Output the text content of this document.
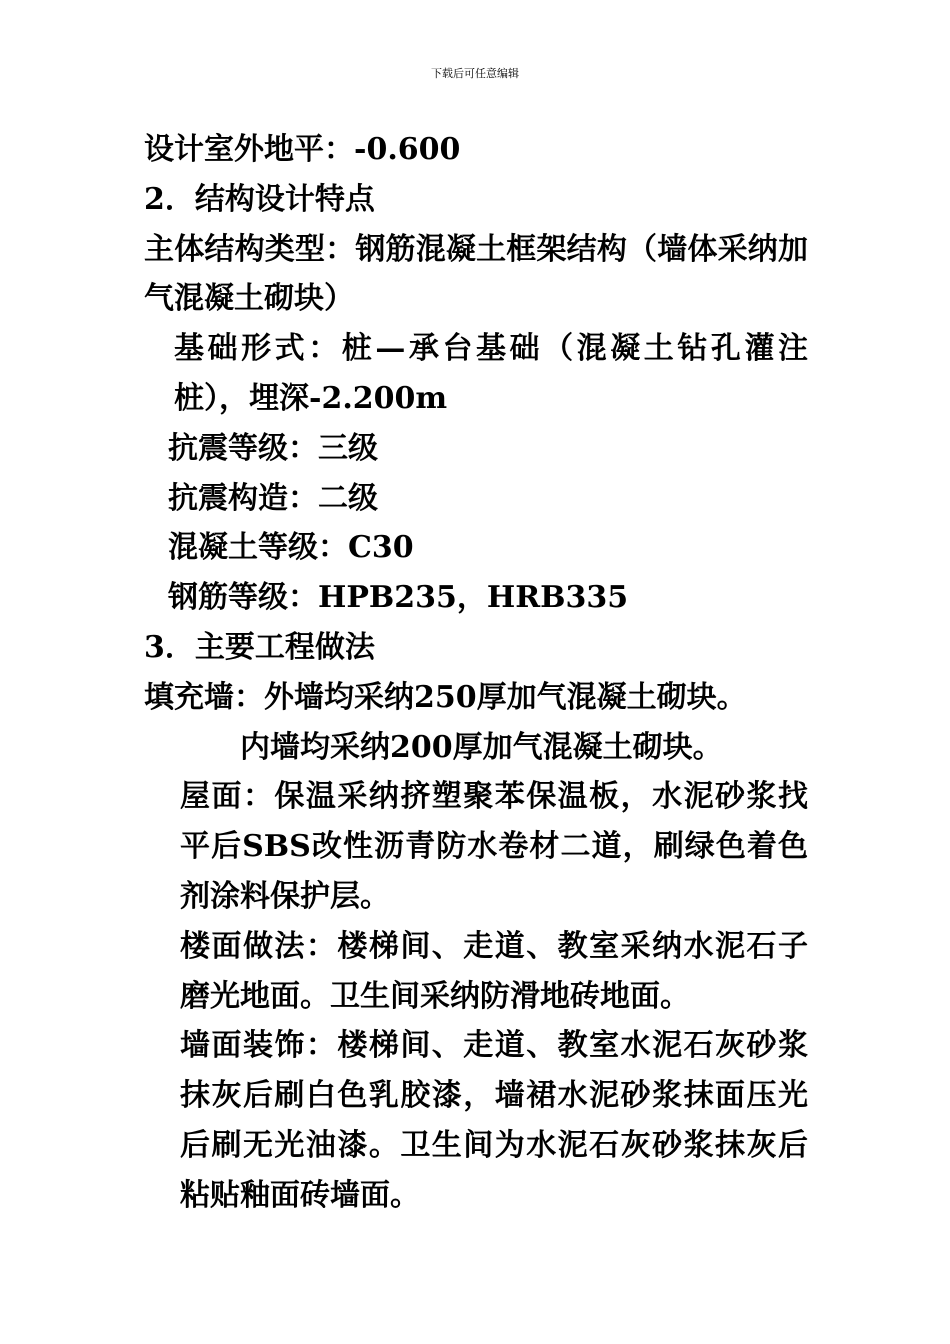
下载后可任意编辑

设计室外地平：-0.600

2．结构设计特点

主体结构类型：钢筋混凝土框架结构（墙体采纳加气混凝土砌块）

基础形式：桩—承台基础（混凝土钻孔灌注桩），埋深-2.200m

抗震等级：三级

抗震构造：二级

混凝土等级：C30

钢筋等级：HPB235，HRB335

3．主要工程做法

填充墙：外墙均采纳250厚加气混凝土砌块。

内墙均采纳200厚加气混凝土砌块。

屋面：保温采纳挤塑聚苯保温板，水泥砂浆找平后SBS改性沥青防水卷材二道，刷绿色着色剂涂料保护层。

楼面做法：楼梯间、走道、教室采纳水泥石子磨光地面。卫生间采纳防滑地砖地面。

墙面装饰：楼梯间、走道、教室水泥石灰砂浆抹灰后刷白色乳胶漆，墙裙水泥砂浆抹面压光后刷无光油漆。卫生间为水泥石灰砂浆抹灰后粘贴釉面砖墙面。
